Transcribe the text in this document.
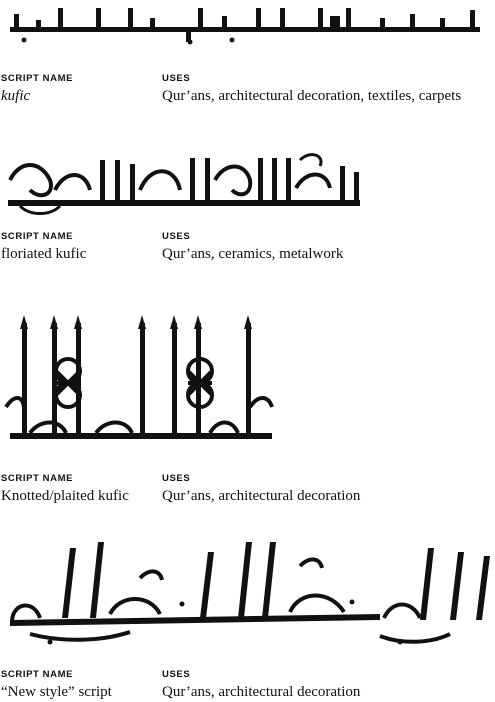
SCRIPT NAME
kufic
USES
Qur’ans, architectural decoration, textiles, carpets
SCRIPT NAME
floriated kufic
USES
Qur’ans, ceramics, metalwork
SCRIPT NAME
Knotted/plaited kufic
USES
Qur’ans, architectural decoration
SCRIPT NAME
“New style” script
USES
Qur’ans, architectural decoration
